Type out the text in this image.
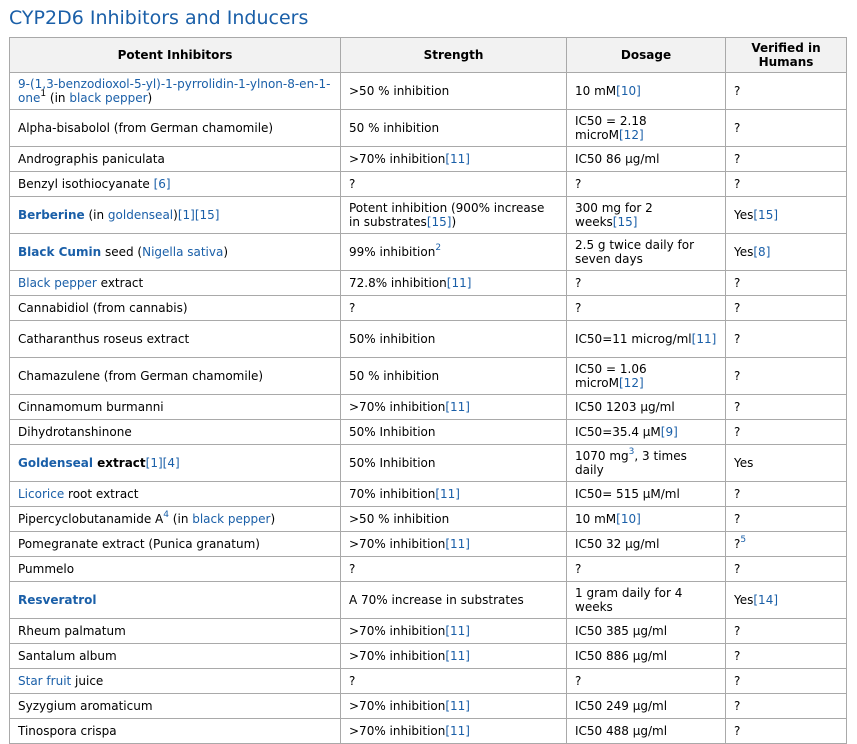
CYP2D6 Inhibitors and Inducers
Potent Inhibitors	Strength	Dosage	Verified in Humans
9-(1,3-benzodioxol-5-yl)-1-pyrrolidin-1-ylnon-8-en-1-one$^1$ (in black pepper)	>50 % inhibition	10 mM[10]	?
Alpha-bisabolol (from German chamomile)	50 % inhibition	IC50 = 2.18 microM[12]	?
Andrographis paniculata	>70% inhibition[11]	IC50 86 μg/ml	?
Benzyl isothiocyanate [6]	?	?	?
Berberine (in goldenseal)[1][15]	Potent inhibition (900% increase in substrates[15])	300 mg for 2 weeks[15]	Yes[15]
Black Cumin seed (Nigella sativa)	99% inhibition$^2$	2.5 g twice daily for seven days	Yes[8]
Black pepper extract	72.8% inhibition[11]	?	?
Cannabidiol (from cannabis)	?	?	?
Catharanthus roseus extract	50% inhibition	IC50=11 microg/ml[11]	?
Chamazulene (from German chamomile)	50 % inhibition	IC50 = 1.06 microM[12]	?
Cinnamomum burmanni	>70% inhibition[11]	IC50 1203 μg/ml	?
Dihydrotanshinone	50% Inhibition	IC50=35.4 μM[9]	?
Goldenseal extract[1][4]	50% Inhibition	1070 $mg^3$, 3 times daily	Yes
Licorice root extract	70% inhibition[11]	IC50= 515 μM/ml	?
Pipercyclobutanamide $A^4$ (in black pepper)	>50 % inhibition	10 mM[10]	?
Pomegranate extract (Punica granatum)	>70% inhibition[11]	IC50 32 μg/ml	?$^5$
Pummelo	?	?	?
Resveratrol	A 70% increase in substrates	1 gram daily for 4 weeks	Yes[14]
Rheum palmatum	>70% inhibition[11]	IC50 385 μg/ml	?
Santalum album	>70% inhibition[11]	IC50 886 μg/ml	?
Star fruit juice	?	?	?
Syzygium aromaticum	>70% inhibition[11]	IC50 249 μg/ml	?
Tinospora crispa	>70% inhibition[11]	IC50 488 μg/ml	?
